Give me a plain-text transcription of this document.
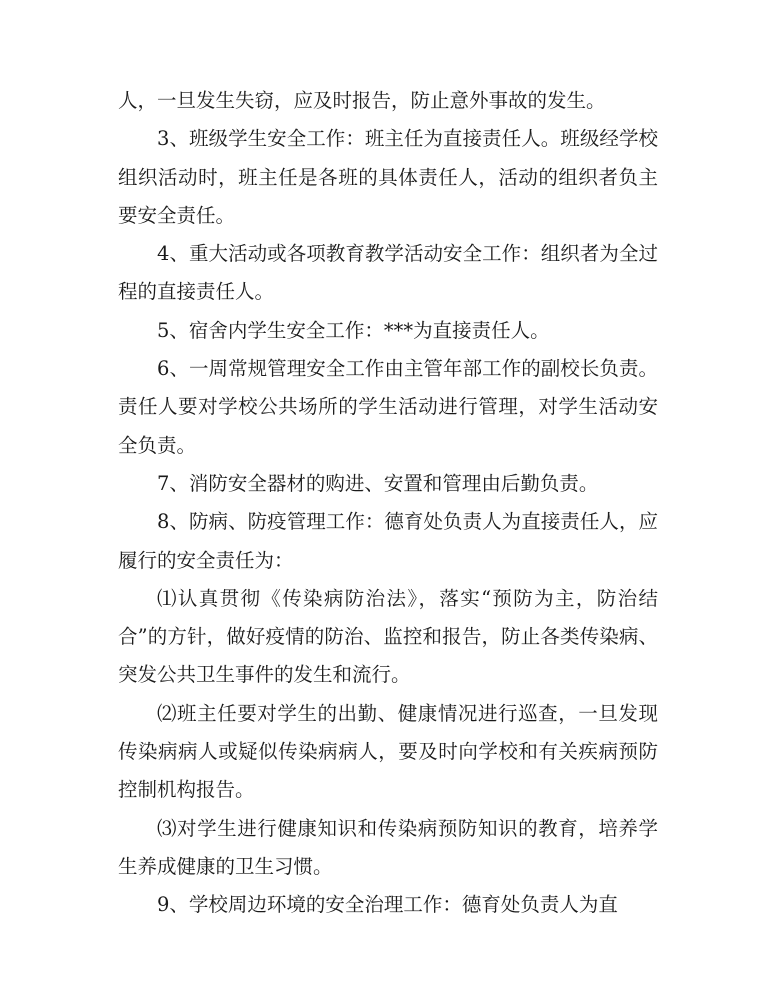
人，一旦发生失窃，应及时报告，防止意外事故的发生。

3、班级学生安全工作：班主任为直接责任人。班级经学校组织活动时，班主任是各班的具体责任人，活动的组织者负主要安全责任。

4、重大活动或各项教育教学活动安全工作：组织者为全过程的直接责任人。

5、宿舍内学生安全工作：***为直接责任人。

6、一周常规管理安全工作由主管年部工作的副校长负责。责任人要对学校公共场所的学生活动进行管理，对学生活动安全负责。

7、消防安全器材的购进、安置和管理由后勤负责。

8、防病、防疫管理工作：德育处负责人为直接责任人，应履行的安全责任为：

⑴认真贯彻《传染病防治法》，落实“预防为主，防治结合”的方针，做好疫情的防治、监控和报告，防止各类传染病、突发公共卫生事件的发生和流行。

⑵班主任要对学生的出勤、健康情况进行巡查，一旦发现传染病病人或疑似传染病病人，要及时向学校和有关疾病预防控制机构报告。

⑶对学生进行健康知识和传染病预防知识的教育，培养学生养成健康的卫生习惯。

9、学校周边环境的安全治理工作：德育处负责人为直
